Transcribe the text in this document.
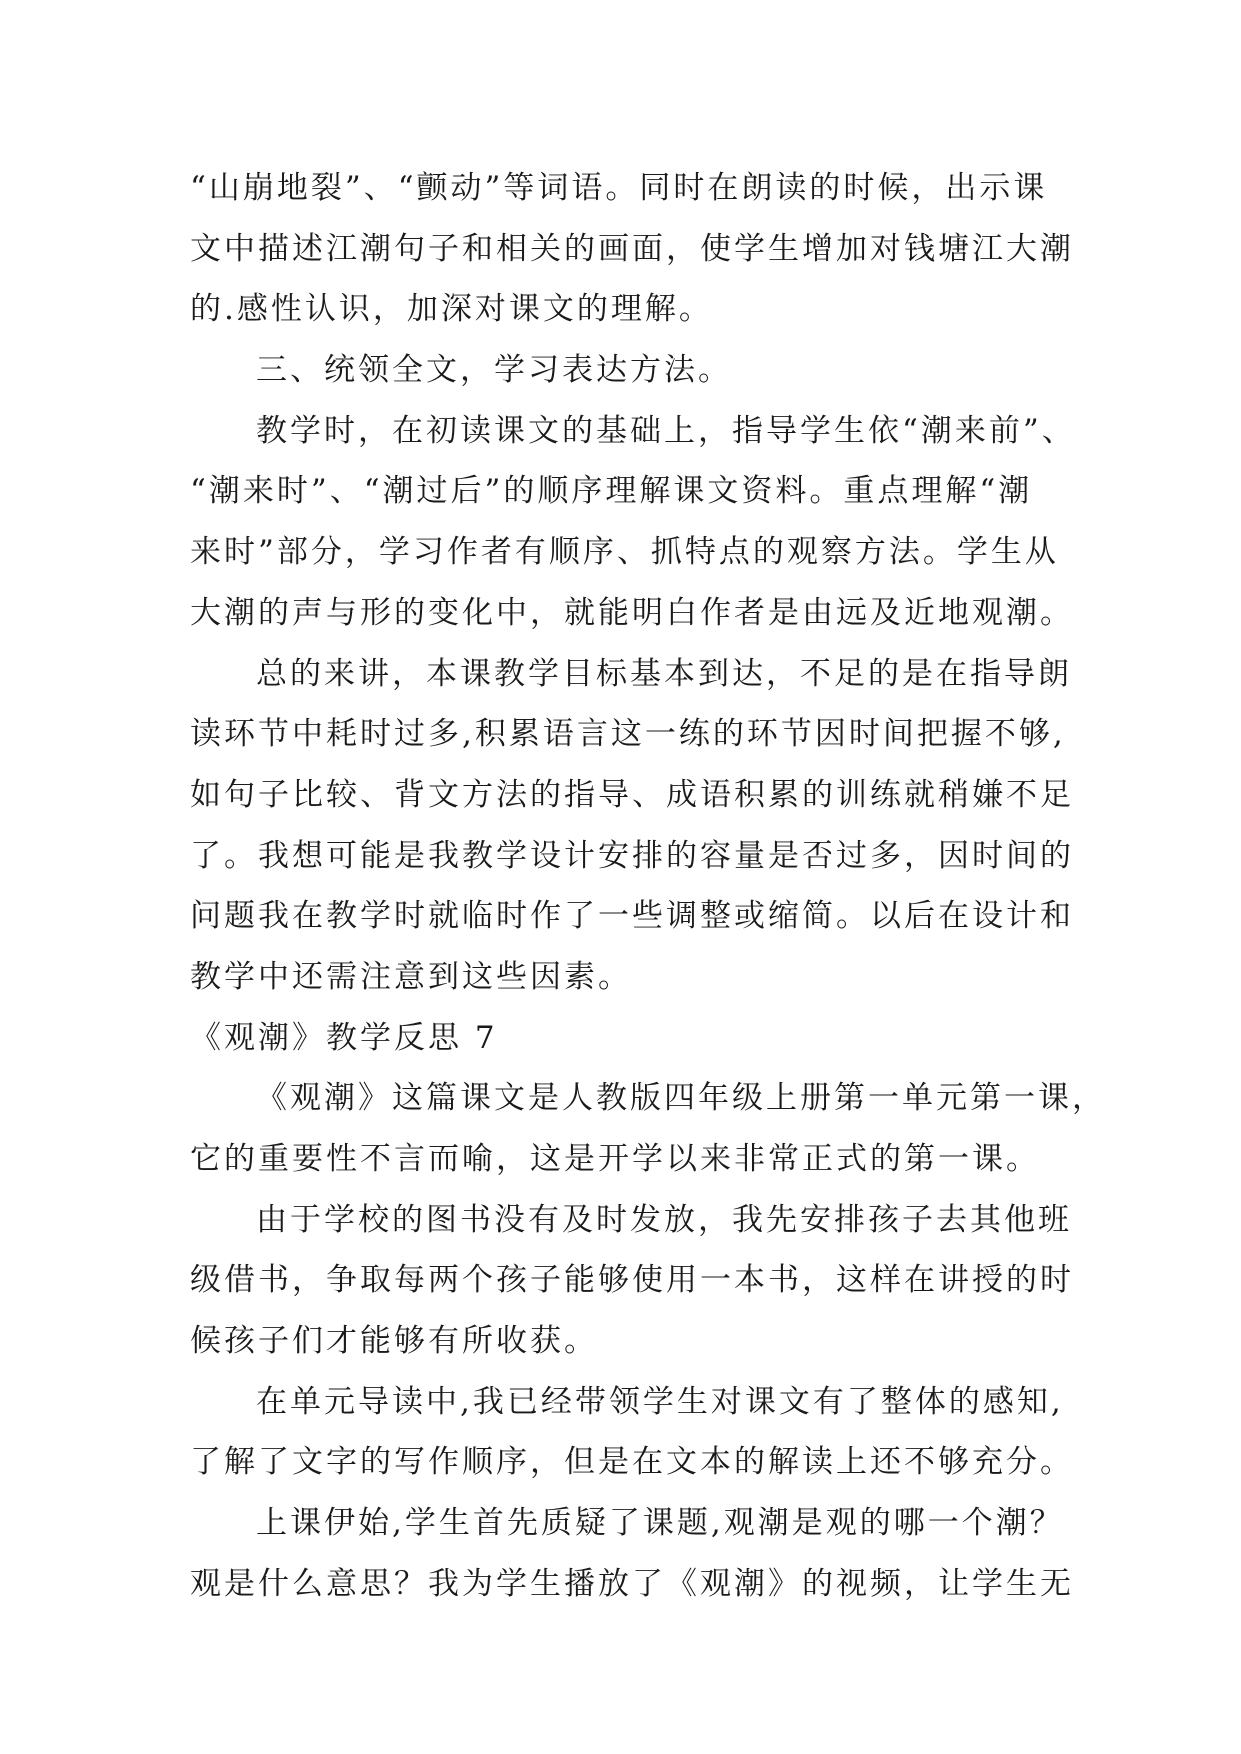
“山崩地裂”、“颤动”等词语。同时在朗读的时候，出示课
文中描述江潮句子和相关的画面，使学生增加对钱塘江大潮
的.感性认识，加深对课文的理解。
三、统领全文，学习表达方法。
教学时，在初读课文的基础上，指导学生依“潮来前”、
“潮来时”、“潮过后”的顺序理解课文资料。重点理解“潮
来时”部分，学习作者有顺序、抓特点的观察方法。学生从
大潮的声与形的变化中，就能明白作者是由远及近地观潮。
总的来讲，本课教学目标基本到达，不足的是在指导朗
读环节中耗时过多,积累语言这一练的环节因时间把握不够,
如句子比较、背文方法的指导、成语积累的训练就稍嫌不足
了。我想可能是我教学设计安排的容量是否过多，因时间的
问题我在教学时就临时作了一些调整或缩简。以后在设计和
教学中还需注意到这些因素。
《观潮》教学反思 7
《观潮》这篇课文是人教版四年级上册第一单元第一课，
它的重要性不言而喻，这是开学以来非常正式的第一课。
由于学校的图书没有及时发放，我先安排孩子去其他班
级借书，争取每两个孩子能够使用一本书，这样在讲授的时
候孩子们才能够有所收获。
在单元导读中,我已经带领学生对课文有了整体的感知,
了解了文字的写作顺序，但是在文本的解读上还不够充分。
上课伊始,学生首先质疑了课题,观潮是观的哪一个潮？
观是什么意思？我为学生播放了《观潮》的视频，让学生无
